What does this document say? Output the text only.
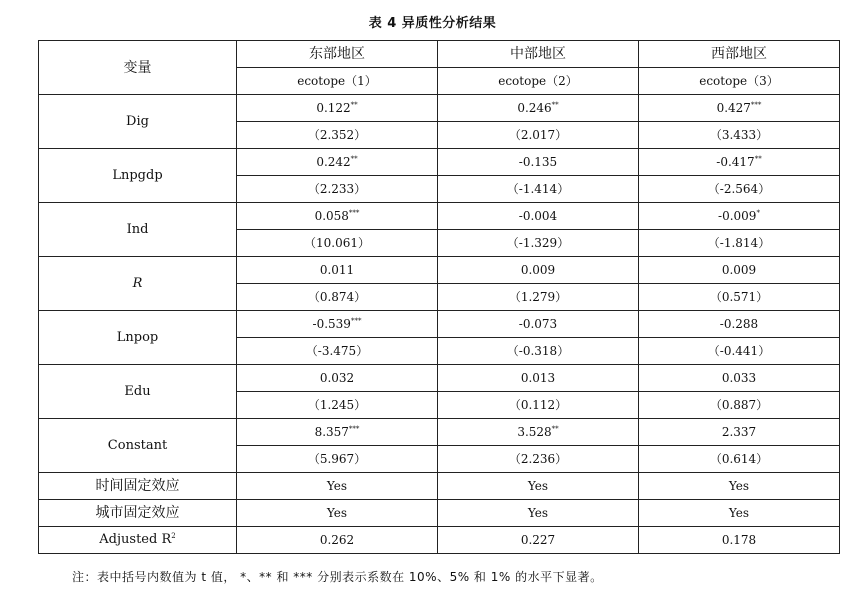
表 4 异质性分析结果
变量	东部地区	中部地区	西部地区
	ecotope（1）	ecotope（2）	ecotope（3）
Dig	0.122**	0.246**	0.427***
	（2.352）	（2.017）	（3.433）
Lnpgdp	0.242**	-0.135	-0.417**
	（2.233）	（-1.414）	（-2.564）
Ind	0.058***	-0.004	-0.009*
	（10.061）	（-1.329）	（-1.814）
R	0.011	0.009	0.009
	（0.874）	（1.279）	（0.571）
Lnpop	-0.539***	-0.073	-0.288
	（-3.475）	（-0.318）	（-0.441）
Edu	0.032	0.013	0.033
	（1.245）	（0.112）	（0.887）
Constant	8.357***	3.528**	2.337
	（5.967）	（2.236）	（0.614）
时间固定效应	Yes	Yes	Yes
城市固定效应	Yes	Yes	Yes
Adjusted $R^2$	0.262	0.227	0.178
注：表中括号内数值为 t 值， *、** 和 *** 分别表示系数在 10%、5% 和 1% 的水平下显著。
